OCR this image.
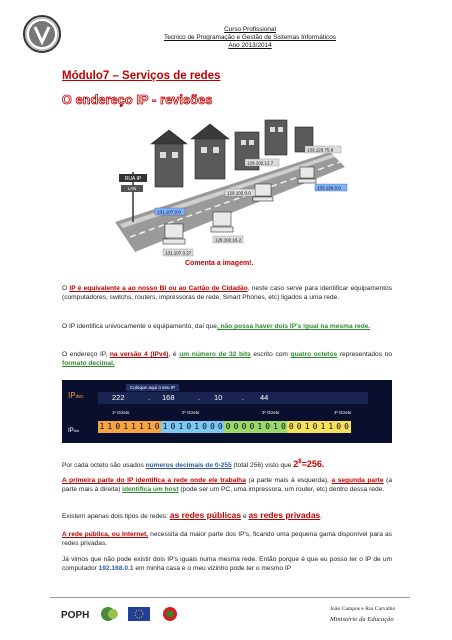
Curso Profissional
Tecnico de Programação e Gestão de Sistemas Informáticos
Ano 2013/2014
Módulo7 – Serviços de redes
O endereço IP - revisões
RUA IP
LAN
133.120.75.8
129.102.12.7
129.102.0.0
133.120.0.0
131.107.0.0
129.102.16.2
131.107.3.27
Comenta a imagem!.
O IP é equivalente a ao nosso BI ou ao Cartão de Cidadão, neste caso serve para identificar equipamentos (computadores, switchs, routers, impressoras de rede, Smart Phones, etc) ligados a uma rede.
O IP identifica univocamente o equipamento, daí que, não possa haver dois IP's igual na mesma rede.
O endereço IP, na versão 4 (IPv4), é um número de 32 bits escrito com quatro octetos representados no formato decimal.
Coloque aqui o seu IP
IPdec	222	. 168	. 10	. 44
1º Octeto	2º Octeto	3º Octeto	4º Octeto
IPbin	1 1 0 1 1 1 1 0 1 0 1 0 1 0 0 0 0 0 0 0 1 0 1 0 0 0 1 0 1 1 0 0
Por cada octeto são usados números decimais de 0-255 (total 256) visto que $2^8=256$.
A primeira parte do IP identifica a rede onde ele trabalha (a parte mais à esquerda), a segunda parte (a parte mais à direita) identifica um host (pode ser um PC, uma impressora, um router, etc) dentro dessa rede.
Existem apenas dois tipos de redes: as redes públicas e as redes privadas.
A rede pública, ou Internet, necessita da maior parte dos IP's, ficando uma pequena gama disponível para as redes privadas.
Já vimos que não pode existir dois IP's iguais numa mesma rede. Então porque é que eu posso ter o IP de um computador 192.168.0.1 em minha casa e o meu vizinho pode ter o mesmo IP
POPH
João Campos e Rui Carvalho
Ministério da Educação
